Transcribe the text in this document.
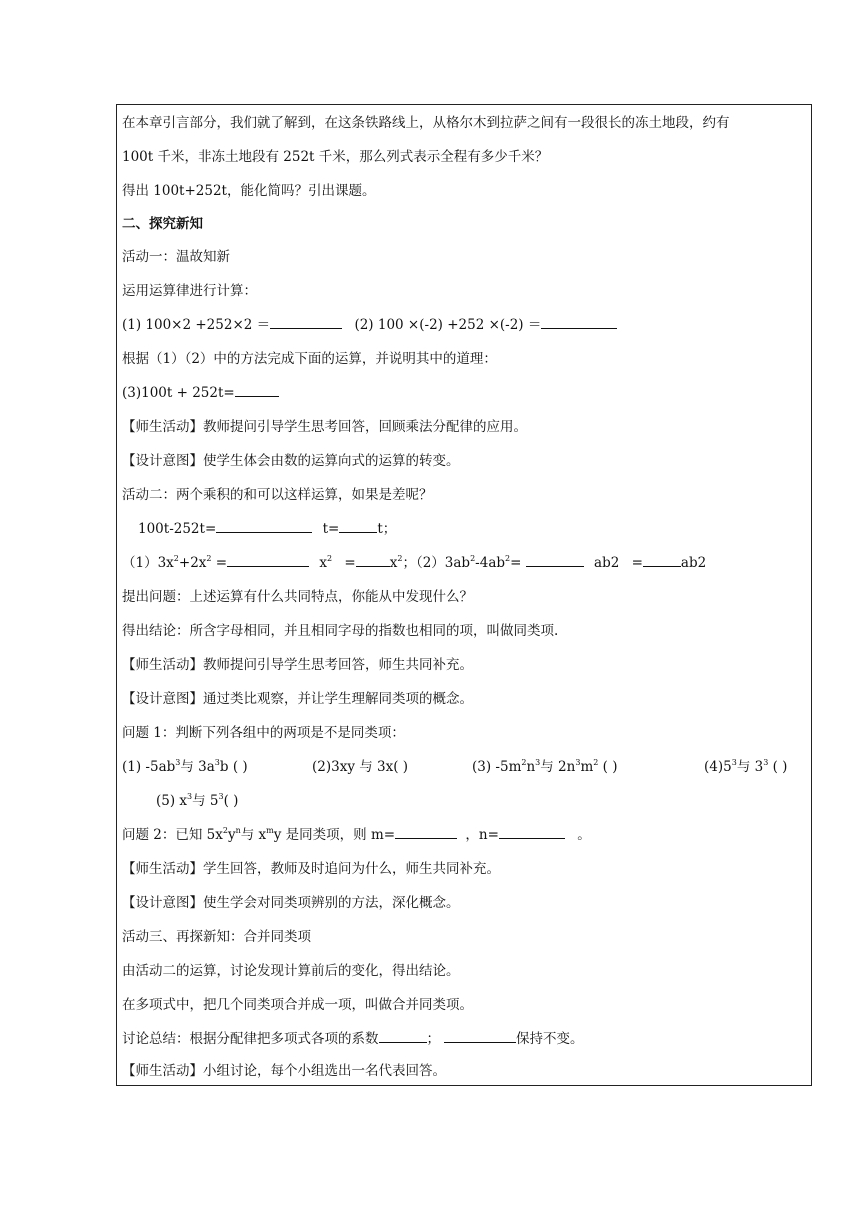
在本章引言部分，我们就了解到，在这条铁路线上，从格尔木到拉萨之间有一段很长的冻土地段，约有
100t 千米，非冻土地段有 252t 千米，那么列式表示全程有多少千米？
得出 100t+252t，能化简吗？引出课题。
二、探究新知
活动一：温故知新
运用运算律进行计算：
(1) 100×2 +252×2 ＝	(2) 100 ×(-2) +252 ×(-2) ＝
根据（1）（2）中的方法完成下面的运算，并说明其中的道理：
(3)100t + 252t=
【师生活动】教师提问引导学生思考回答，回顾乘法分配律的应用。
【设计意图】使学生体会由数的运算向式的运算的转变。
活动二：两个乘积的和可以这样运算，如果是差呢？
100t-252t=	t=	t；
$(1)3x^2+2x^2$ =	$x^2$ =	$x^2$；$(2)3ab^2-4ab^2=$	ab2 =	ab2
提出问题：上述运算有什么共同特点，你能从中发现什么？
得出结论：所含字母相同，并且相同字母的指数也相同的项，叫做同类项.
【师生活动】教师提问引导学生思考回答，师生共同补充。
【设计意图】通过类比观察，并让学生理解同类项的概念。
问题 1：判断下列各组中的两项是不是同类项：
(1) $-5ab^3$与 $3a^3b$ ( )	(2)3xy 与 3x( )	(3) $-5m^2n^3$与 $2n^3m^2$ ( )	$(4)5^3$与 $3^3$ ( )
(5) $x^3$与 $5^3$( )
问题 2：已知 $5x^2y^n$与 $x^my$ 是同类项，则 m=	，n=	。
【师生活动】学生回答，教师及时追问为什么，师生共同补充。
【设计意图】使生学会对同类项辨别的方法，深化概念。
活动三、再探新知：合并同类项
由活动二的运算，讨论发现计算前后的变化，得出结论。
在多项式中，把几个同类项合并成一项，叫做合并同类项。
讨论总结：根据分配律把多项式各项的系数	；	保持不变。
【师生活动】小组讨论，每个小组选出一名代表回答。
